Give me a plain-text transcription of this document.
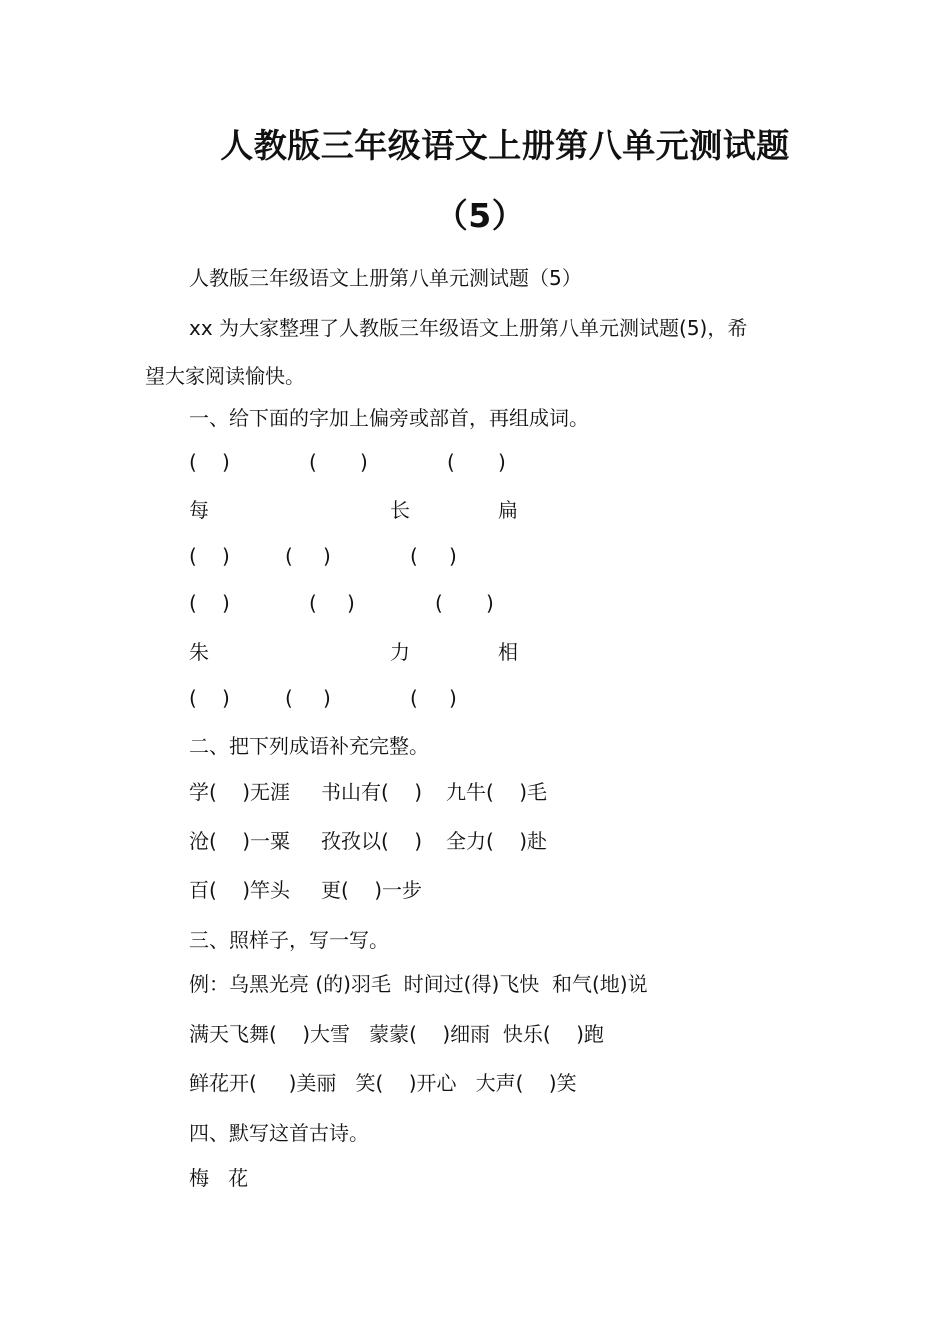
人教版三年级语文上册第八单元测试题
（5）
人教版三年级语文上册第八单元测试题（5）
xx 为大家整理了人教版三年级语文上册第八单元测试题(5)，希
望大家阅读愉快。
一、给下面的字加上偏旁或部首，再组成词。
( )	( )	( )
每	长	扁
( )	( )	( )
( )	( )	( )
朱	力	相
( )	( )	( )
二、把下列成语补充完整。
学(    )无涯 书山有(    ) 九牛(    )毛
沧(    )一粟 孜孜以(    ) 全力(    )赴
百(    )竿头 更(    )一步
三、照样子，写一写。
例：乌黑光亮 (的)羽毛  时间过(得)飞快  和气(地)说
满天飞舞(    )大雪   蒙蒙(    )细雨  快乐(    )跑
鲜花开(     )美丽   笑(    )开心   大声(    )笑
四、默写这首古诗。
梅   花
